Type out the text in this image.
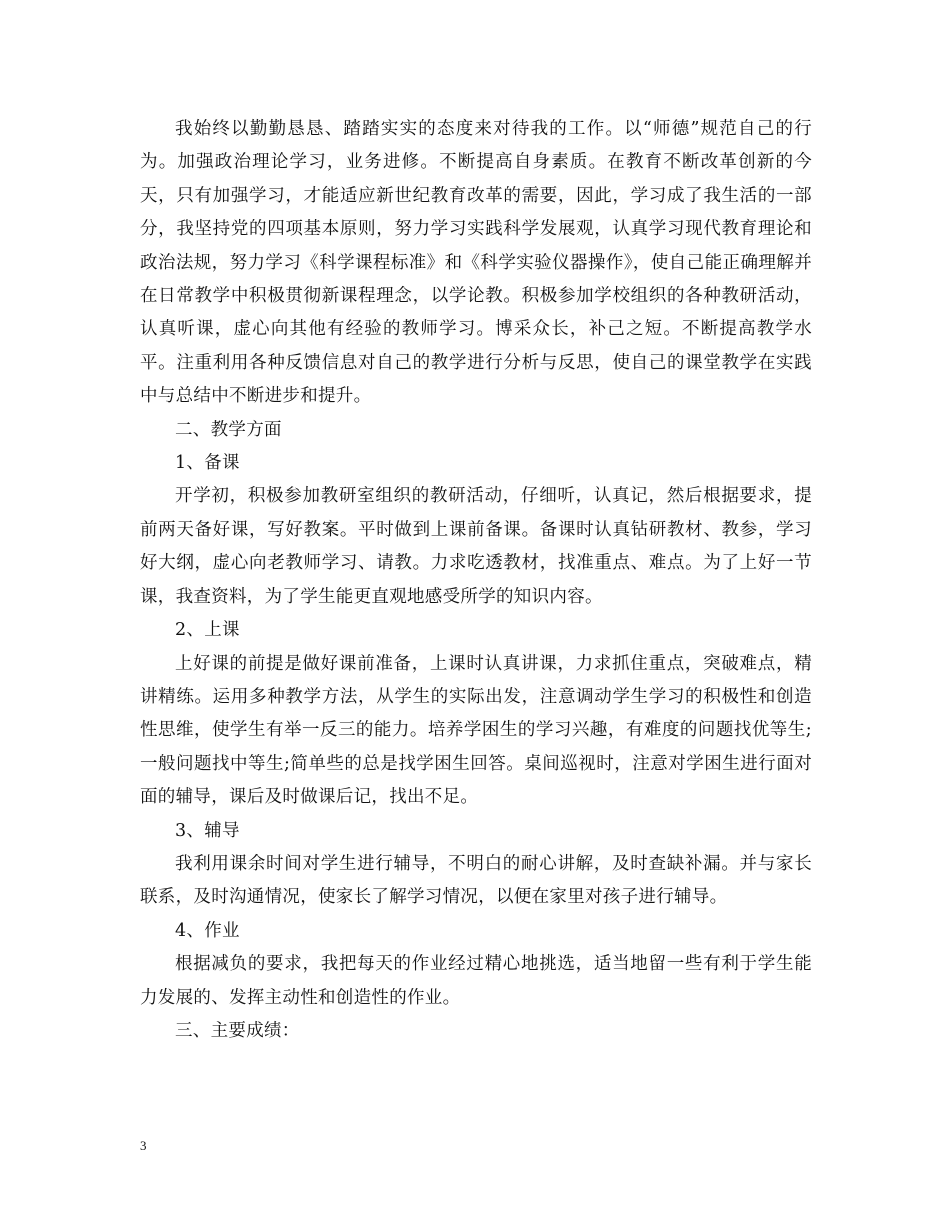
我始终以勤勤恳恳、踏踏实实的态度来对待我的工作。以“师德”规范自己的行为。加强政治理论学习，业务进修。不断提高自身素质。在教育不断改革创新的今天，只有加强学习，才能适应新世纪教育改革的需要，因此，学习成了我生活的一部分，我坚持党的四项基本原则，努力学习实践科学发展观，认真学习现代教育理论和政治法规，努力学习《科学课程标准》和《科学实验仪器操作》，使自己能正确理解并在日常教学中积极贯彻新课程理念，以学论教。积极参加学校组织的各种教研活动，认真听课，虚心向其他有经验的教师学习。博采众长，补己之短。不断提高教学水平。注重利用各种反馈信息对自己的教学进行分析与反思，使自己的课堂教学在实践中与总结中不断进步和提升。

二、教学方面

1、备课

开学初，积极参加教研室组织的教研活动，仔细听，认真记，然后根据要求，提前两天备好课，写好教案。平时做到上课前备课。备课时认真钻研教材、教参，学习好大纲，虚心向老教师学习、请教。力求吃透教材，找准重点、难点。为了上好一节课，我查资料，为了学生能更直观地感受所学的知识内容。

2、上课

上好课的前提是做好课前准备，上课时认真讲课，力求抓住重点，突破难点，精讲精练。运用多种教学方法，从学生的实际出发，注意调动学生学习的积极性和创造性思维，使学生有举一反三的能力。培养学困生的学习兴趣，有难度的问题找优等生;一般问题找中等生;简单些的总是找学困生回答。桌间巡视时，注意对学困生进行面对面的辅导，课后及时做课后记，找出不足。

3、辅导

我利用课余时间对学生进行辅导，不明白的耐心讲解，及时查缺补漏。并与家长联系，及时沟通情况，使家长了解学习情况，以便在家里对孩子进行辅导。

4、作业

根据减负的要求，我把每天的作业经过精心地挑选，适当地留一些有利于学生能力发展的、发挥主动性和创造性的作业。

三、主要成绩：

3
